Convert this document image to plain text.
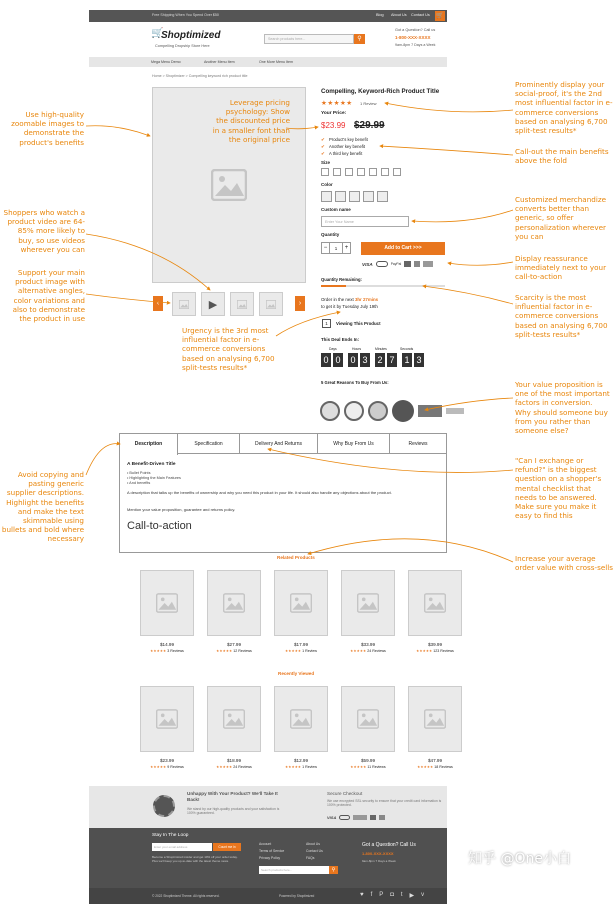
Free Shipping When You Spend Over $50	Blog About Us Contact Us 🛒
🛒
Shoptimized
Compelling Dropship Store Here
Search products here...	⚲
Got a Question? Call us
1-800-XXX-XXXX
9am-8pm 7 Days a Week
Mega Menu Demo	Another Menu Item	One More Menu Item
Home > Shoptimizer > Compelling keyword rich product title
‹	▶	›
Compelling, Keyword-Rich Product Title
★★★★★ 1 Review
Your Price:
$23.99 $29.99
✔ Product's key benefit
✔ Another key benefit
✔ A third key benefit
Size
Color
Custom name
Enter Your Name
Quantity
−	1	+	Add to Cart >>>
VISA	PayPal
Quantity Remaining:
Order in the next 3hr 27mins
to get it by Tuesday July 19th
1	Viewing This Product
This Deal Ends In:
Days	Hours	Minutes	Seconds
0 0 0 3 2 7 1 3
5 Great Reasons To Buy From Us:
Description	Specification	Delivery And Returns	Why Buy From Us	Reviews
A Benefit-Driven Title
• Bullet Points
• Highlighting the Main Features
• And benefits
A description that talks up the benefits of ownership and why you need this product in your life. It should also handle any objections about the product.
Mention your value proposition, guarantee and returns policy.
Call-to-action
Related Products
$14.99
★★★★★ 3 Reviews
$27.99
★★★★★ 12 Reviews
$17.99
★★★★★ 1 Review
$33.99
★★★★★ 24 Reviews
$39.99
★★★★★ 123 Reviews
Recently Viewed
$23.99
★★★★★ 9 Reviews
$18.99
★★★★★ 24 Reviews
$12.99
★★★★★ 1 Review
$59.99
★★★★★ 11 Reviews
$47.99
★★★★★ 18 Reviews
Unhappy With Your Product? We'll Take It Back!
We stand by our high-quality products and your satisfaction is 100% guaranteed.
Secure Checkout
We use encrypted SSL security to ensure that your credit card information is 100% protected.
VISA
Stay In The Loop
Enter your email address	Count me in
Become a Shoptimized insider and get 10% off your order today. Plus we'll keep you up-to-date with the latest theme news.
Account
Terms of Service
Privacy Policy
About Us
Contact Us
FAQs
Search products here...	⚲
Got a Question? Call Us
1-800-XXX-XXXX
9am-8pm 7 Days a Week
© 2022 Shoptimized Theme. All rights reserved.	Powered by Shoptimized	♥ f P ◘ t ▶ v
Use high-quality zoomable images to demonstrate the product's benefits
Leverage pricing psychology: Show the discounted price in a smaller font than the original price
Prominently display your social-proof, it's the 2nd most influential factor in e-commerce conversions based on analysing 6,700 split-test results*
Call-out the main benefits above the fold
Customized merchandize converts better than generic, so offer personalization wherever you can
Display reassurance immediately next to your call-to-action
Shoppers who watch a product video are 64-85% more likely to buy, so use videos wherever you can
Support your main product image with alternative angles, color variations and also to demonstrate the product in use
Scarcity is the most influential factor in e-commerce conversions based on analysing 6,700 split-tests results*
Urgency is the 3rd most influential factor in e-commerce conversions based on analysing 6,700 split-tests results*
Your value proposition is one of the most important factors in conversion. Why should someone buy from you rather than someone else?
"Can I exchange or refund?" is the biggest question on a shopper's mental checklist that needs to be answered. Make sure you make it easy to find this
Avoid copying and pasting generic supplier descriptions. Highlight the benefits and make the text skimmable using bullets and bold where necessary
Increase your average order value with cross-sells
知乎 @One小白
